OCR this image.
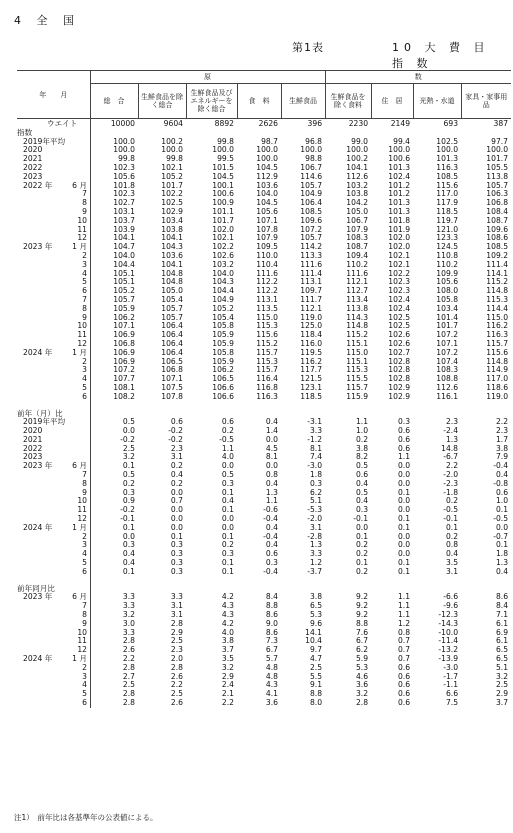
4 全 国
第1表	10 大 費 目 指 数
年　　月	原					数			
	総　合	生鮮食品を除く総合	生鮮食品及びエネルギーを除く総合	食　料	生鮮食品	生鮮食品を除く食料	住　居	光熱・水道	家具・家事用品
ウエイト	10000	9604	8892	2626	396	2230	2149	693	387
指数									
2019年平均	100.0	100.2	99.8	98.7	96.8	99.0	99.4	102.5	97.7
2020	100.0	100.0	100.0	100.0	100.0	100.0	100.0	100.0	100.0
2021	99.8	99.8	99.5	100.0	98.8	100.2	100.6	101.3	101.7
2022	102.3	102.1	101.5	104.5	106.7	104.1	101.3	116.3	105.5
2023	105.6	105.2	104.5	112.9	114.6	112.6	102.4	108.5	113.8
2022 年 6 月	101.8	101.7	100.1	103.6	105.7	103.2	101.2	115.6	105.7
7	102.3	102.2	100.6	104.0	104.9	103.8	101.2	117.0	106.3
8	102.7	102.5	100.9	104.5	106.4	104.2	101.3	117.9	106.8
9	103.1	102.9	101.1	105.6	108.5	105.0	101.3	118.5	108.4
10	103.7	103.4	101.7	107.1	109.6	106.7	101.8	119.7	108.7
11	103.9	103.8	102.0	107.8	107.2	107.9	101.9	121.0	109.6
12	104.1	104.1	102.1	107.9	105.7	108.3	102.0	123.3	108.6
2023 年 1 月	104.7	104.3	102.2	109.5	114.2	108.7	102.0	124.5	108.5
2	104.0	103.6	102.6	110.0	113.3	109.4	102.1	110.8	109.2
3	104.4	104.1	103.2	110.4	111.6	110.2	102.1	110.2	111.4
4	105.1	104.8	104.0	111.6	111.4	111.6	102.2	109.9	114.1
5	105.1	104.8	104.3	112.2	113.1	112.1	102.3	105.6	115.2
6	105.2	105.0	104.4	112.2	109.7	112.7	102.3	108.0	114.8
7	105.7	105.4	104.9	113.1	111.7	113.4	102.4	105.8	115.3
8	105.9	105.7	105.2	113.5	112.1	113.8	102.4	103.4	114.4
9	106.2	105.7	105.4	115.0	119.0	114.3	102.5	101.4	115.0
10	107.1	106.4	105.8	115.3	125.0	114.8	102.5	101.7	116.2
11	106.9	106.4	105.9	115.6	118.4	115.2	102.6	107.2	116.3
12	106.8	106.4	105.9	115.2	116.0	115.1	102.6	107.1	115.7
2024 年 1 月	106.9	106.4	105.8	115.7	119.5	115.0	102.7	107.2	115.6
2	106.9	106.5	105.9	115.3	116.2	115.1	102.8	107.4	114.8
3	107.2	106.8	106.2	115.7	117.7	115.3	102.8	108.3	114.9
4	107.7	107.1	106.5	116.4	121.5	115.5	102.8	108.8	117.0
5	108.1	107.5	106.6	116.8	123.1	115.7	102.9	112.6	118.6
6	108.2	107.8	106.6	116.3	118.5	115.9	102.9	116.1	119.0

前年（月）比									
2019年平均	0.5	0.6	0.6	0.4	-3.1	1.1	0.3	2.3	2.2
2020	0.0	-0.2	0.2	1.4	3.3	1.0	0.6	-2.4	2.3
2021	-0.2	-0.2	-0.5	0.0	-1.2	0.2	0.6	1.3	1.7
2022	2.5	2.3	1.1	4.5	8.1	3.8	0.6	14.8	3.8
2023	3.2	3.1	4.0	8.1	7.4	8.2	1.1	-6.7	7.9
2023 年 6 月	0.1	0.2	0.0	0.0	-3.0	0.5	0.0	2.2	-0.4
7	0.5	0.4	0.5	0.8	1.8	0.6	0.0	-2.0	0.4
8	0.2	0.2	0.3	0.4	0.3	0.4	0.0	-2.3	-0.8
9	0.3	0.0	0.1	1.3	6.2	0.5	0.1	-1.8	0.6
10	0.9	0.7	0.4	1.1	5.1	0.4	0.0	0.2	1.0
11	-0.2	0.0	0.1	-0.6	-5.3	0.3	0.0	-0.5	0.1
12	-0.1	0.0	0.0	-0.4	-2.0	-0.1	0.1	-0.1	-0.5
2024 年 1 月	0.1	0.0	0.0	0.4	3.1	0.0	0.1	0.1	0.0
2	0.0	0.1	0.1	-0.4	-2.8	0.1	0.0	0.2	-0.7
3	0.3	0.3	0.2	0.4	1.3	0.2	0.0	0.8	0.1
4	0.4	0.3	0.3	0.6	3.3	0.2	0.0	0.4	1.8
5	0.4	0.3	0.1	0.3	1.2	0.1	0.1	3.5	1.3
6	0.1	0.3	0.1	-0.4	-3.7	0.2	0.1	3.1	0.4

前年同月比									
2023 年 6 月	3.3	3.3	4.2	8.4	3.8	9.2	1.1	-6.6	8.6
7	3.3	3.1	4.3	8.8	6.5	9.2	1.1	-9.6	8.4
8	3.2	3.1	4.3	8.6	5.3	9.2	1.1	-12.3	7.1
9	3.0	2.8	4.2	9.0	9.6	8.8	1.2	-14.3	6.1
10	3.3	2.9	4.0	8.6	14.1	7.6	0.8	-10.0	6.9
11	2.8	2.5	3.8	7.3	10.4	6.7	0.7	-11.4	6.1
12	2.6	2.3	3.7	6.7	9.7	6.2	0.7	-13.2	6.5
2024 年 1 月	2.2	2.0	3.5	5.7	4.7	5.9	0.7	-13.9	6.5
2	2.8	2.8	3.2	4.8	2.5	5.3	0.6	-3.0	5.1
3	2.7	2.6	2.9	4.8	5.5	4.6	0.6	-1.7	3.2
4	2.5	2.2	2.4	4.3	9.1	3.6	0.6	-1.1	2.5
5	2.8	2.5	2.1	4.1	8.8	3.2	0.6	6.6	2.9
6	2.8	2.6	2.2	3.6	8.0	2.8	0.6	7.5	3.7
注1）　前年比は各基準年の公表値による。
